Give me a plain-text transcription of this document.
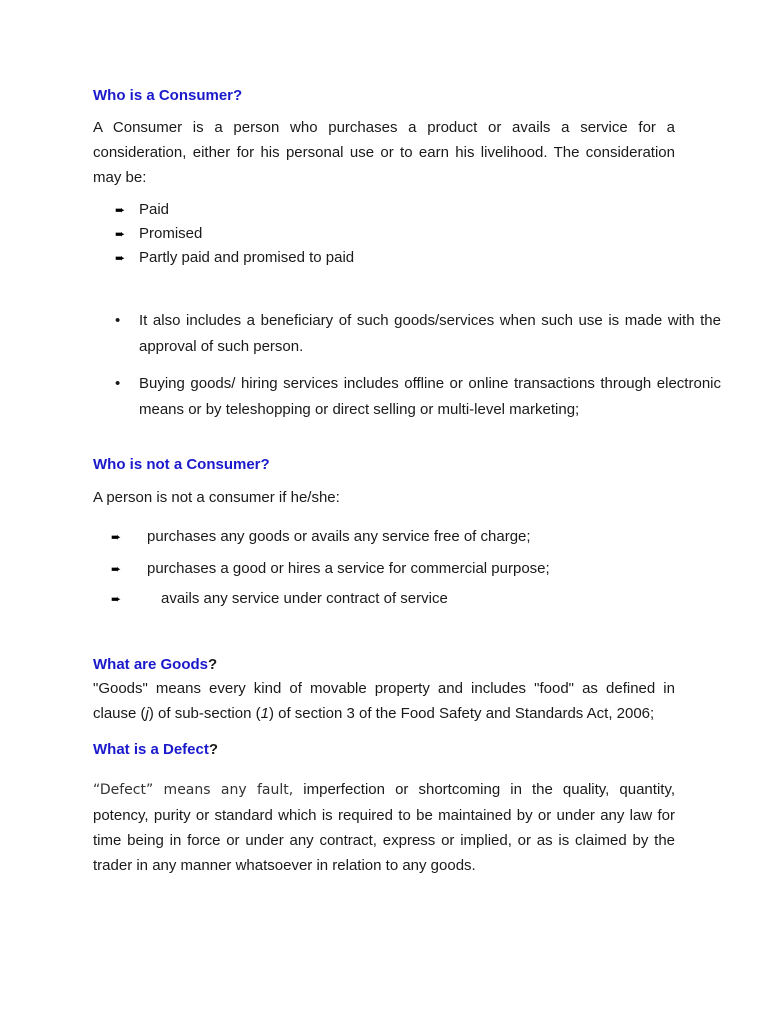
Who is a Consumer?
A Consumer is a person who purchases a product or avails a service for a consideration, either for his personal use or to earn his livelihood. The consideration may be:
➨ Paid
➨ Promised
➨ Partly paid and promised to paid
• It also includes a beneficiary of such goods/services when such use is made with the approval of such person.
• Buying goods/ hiring services includes offline or online transactions through electronic means or by teleshopping or direct selling or multi-level marketing;
Who is not a Consumer?
A person is not a consumer if he/she:
➨ purchases any goods or avails any service free of charge;
➨ purchases a good or hires a service for commercial purpose;
➨	avails any service under contract of service
What are Goods?
"Goods" means every kind of movable property and includes "food" as defined in clause (j) of sub-section (1) of section 3 of the Food Safety and Standards Act, 2006;
What is a Defect?
“Defect” means any fault, imperfection or shortcoming in the quality, quantity, potency, purity or standard which is required to be maintained by or under any law for time being in force or under any contract, express or implied, or as is claimed by the trader in any manner whatsoever in relation to any goods.
